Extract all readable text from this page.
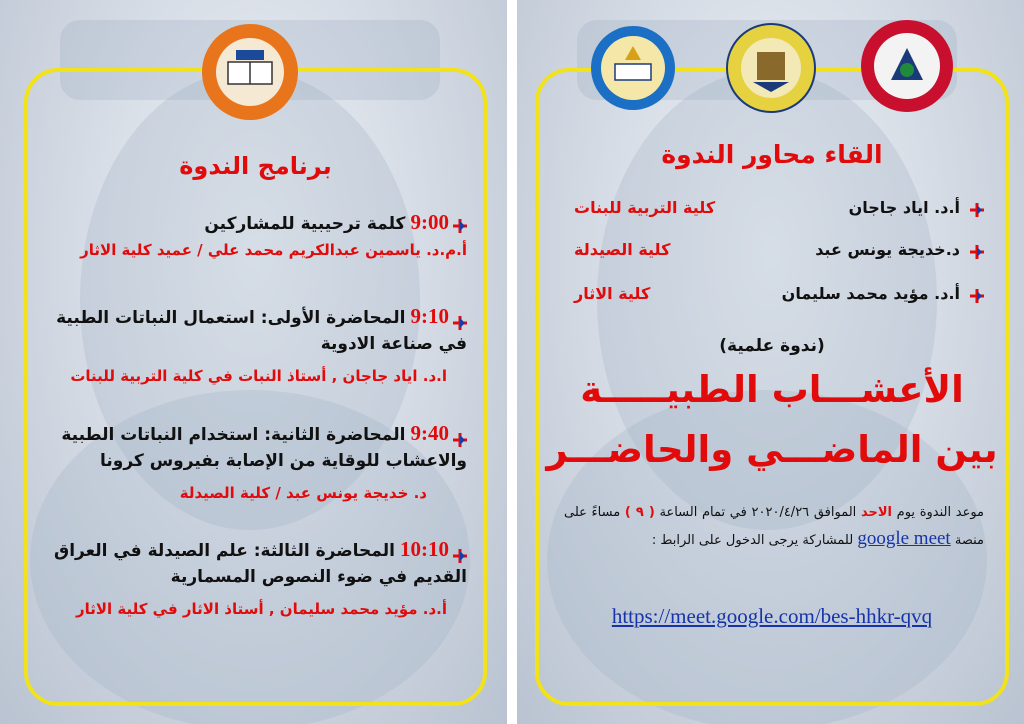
برنامج الندوة
9:00 كلمة ترحيبية للمشاركين
أ.م.د. ياسمين عبدالكريم محمد علي / عميد كلية الاثار
9:10 المحاضرة الأولى: استعمال النباتات الطبية في صناعة الادوية
ا.د. اياد جاجان , أستاذ النبات في كلية التربية للبنات
9:40 المحاضرة الثانية: استخدام النباتات الطبية والاعشاب للوقاية من الإصابة بفيروس كرونا
د. خديجة يونس عبد / كلية الصيدلة
10:10 المحاضرة الثالثة: علم الصيدلة في العراق القديم في ضوء النصوص المسمارية
أ.د. مؤيد محمد سليمان , أستاذ الاثار في كلية الاثار
القاء محاور الندوة
أ.د. اياد جاجان
كلية التربية للبنات
د.خديجة يونس عبد
كلية الصيدلة
أ.د. مؤيد محمد سليمان
كلية الاثار
(ندوة علمية)
الأعشـــاب الطبيـــــة
بين الماضـــي والحاضـــر
موعد الندوة يوم الاحد الموافق ٢٠٢٠/٤/٢٦ في تمام الساعة ( ٩ ) مساءً على منصة google meet للمشاركة يرجى الدخول على الرابط :
https://meet.google.com/bes-hhkr-qvq
